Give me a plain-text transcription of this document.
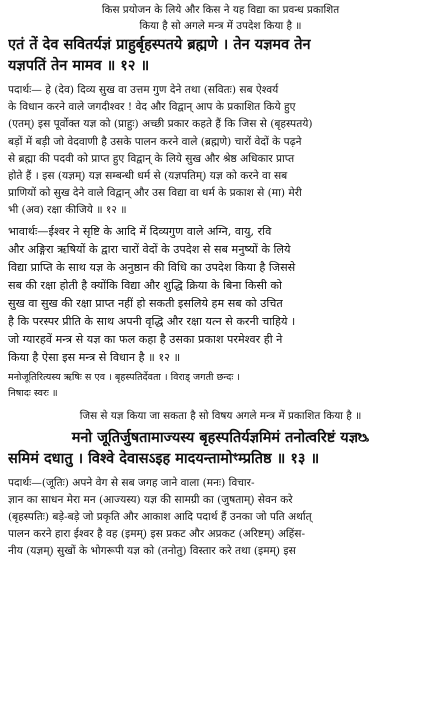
किस प्रयोजन के लिये और किस ने यह विद्या का प्रवन्ध प्रकाशित
किया है सो अगले मन्त्र में उपदेश किया है ॥
एतं तें देव सवितर्यज्ञं प्राहुर्बृहस्पतये ब्रह्मणे । तेन यज्ञमव तेन
यज्ञपतिं तेन मामव ॥ १२ ॥
पदार्थः— हे (देव) दिव्य सुख वा उत्तम गुण देने तथा (सवितः) सब ऐश्वर्य
के विधान करने वाले जगदीश्वर ! वेद और विद्वान् आप के प्रकाशित किये हुए
(एतम्) इस पूर्वोक्त यज्ञ को (प्राहुः) अच्छी प्रकार कहते हैं कि जिस से (बृहस्पतये)
बड़ों में बड़ी जो वेदवाणी है उसके पालन करने वाले (ब्रह्मणे) चारों वेदों के पढ़ने
से ब्रह्मा की पदवी को प्राप्त हुए विद्वान् के लिये सुख और श्रेष्ठ अधिकार प्राप्त
होते हैं । इस (यज्ञम्) यज्ञ सम्बन्धी धर्म से (यज्ञपतिम्) यज्ञ को करने वा सब
प्राणियों को सुख देने वाले विद्वान् और उस विद्या वा धर्म के प्रकाश से (मा) मेरी
भी (अव) रक्षा कीजिये ॥ १२ ॥
भावार्थः—ईश्वर ने सृष्टि के आदि में दिव्यगुण वाले अग्नि, वायु, रवि
और अङ्गिरा ऋषियों के द्वारा चारों वेदों के उपदेश से सब मनुष्यों के लिये
विद्या प्राप्ति के साथ यज्ञ के अनुष्ठान की विधि का उपदेश किया है जिससे
सब की रक्षा होती है क्योंकि विद्या और शुद्धि क्रिया के बिना किसी को
सुख वा सुख की रक्षा प्राप्त नहीं हो सकती इसलिये हम सब को उचित
है कि परस्पर प्रीति के साथ अपनी वृद्धि और रक्षा यत्न से करनी चाहिये ।
जो ग्यारहवें मन्त्र से यज्ञ का फल कहा है उसका प्रकाश परमेश्वर ही ने
किया है ऐसा इस मन्त्र से विधान है ॥ १२ ॥
मनोजूतिरित्यस्य ऋषिः स एव । बृहस्पतिर्देवता । विराड् जगती छन्दः ।
निषादः स्वरः ॥
जिस से यज्ञ किया जा सकता है सो विषय अगले मन्त्र में प्रकाशित किया है ॥
मनो जूतिर्जुषतामाज्यस्य बृहस्पतिर्यज्ञमिमं तनोत्वरिष्टं यज्ञᳬ
समिमं दधातु । विश्वे देवासऽइह मादयन्तामोꣳम्प्रतिष्ठ ॥ १३ ॥
पदार्थः—(जूतिः) अपने वेग से सब जगह जाने वाला (मनः) विचार-
ज्ञान का साधन मेरा मन (आज्यस्य) यज्ञ की सामग्री का (जुषताम्) सेवन करे
(बृहस्पतिः) बड़े-बड़े जो प्रकृति और आकाश आदि पदार्थ हैं उनका जो पति अर्थात्
पालन करने हारा ईश्वर है वह (इमम्) इस प्रकट और अप्रकट (अरिष्टम्) अहिंस-
नीय (यज्ञम्) सुखों के भोगरूपी यज्ञ को (तनोतु) विस्तार करे तथा (इमम्) इस
